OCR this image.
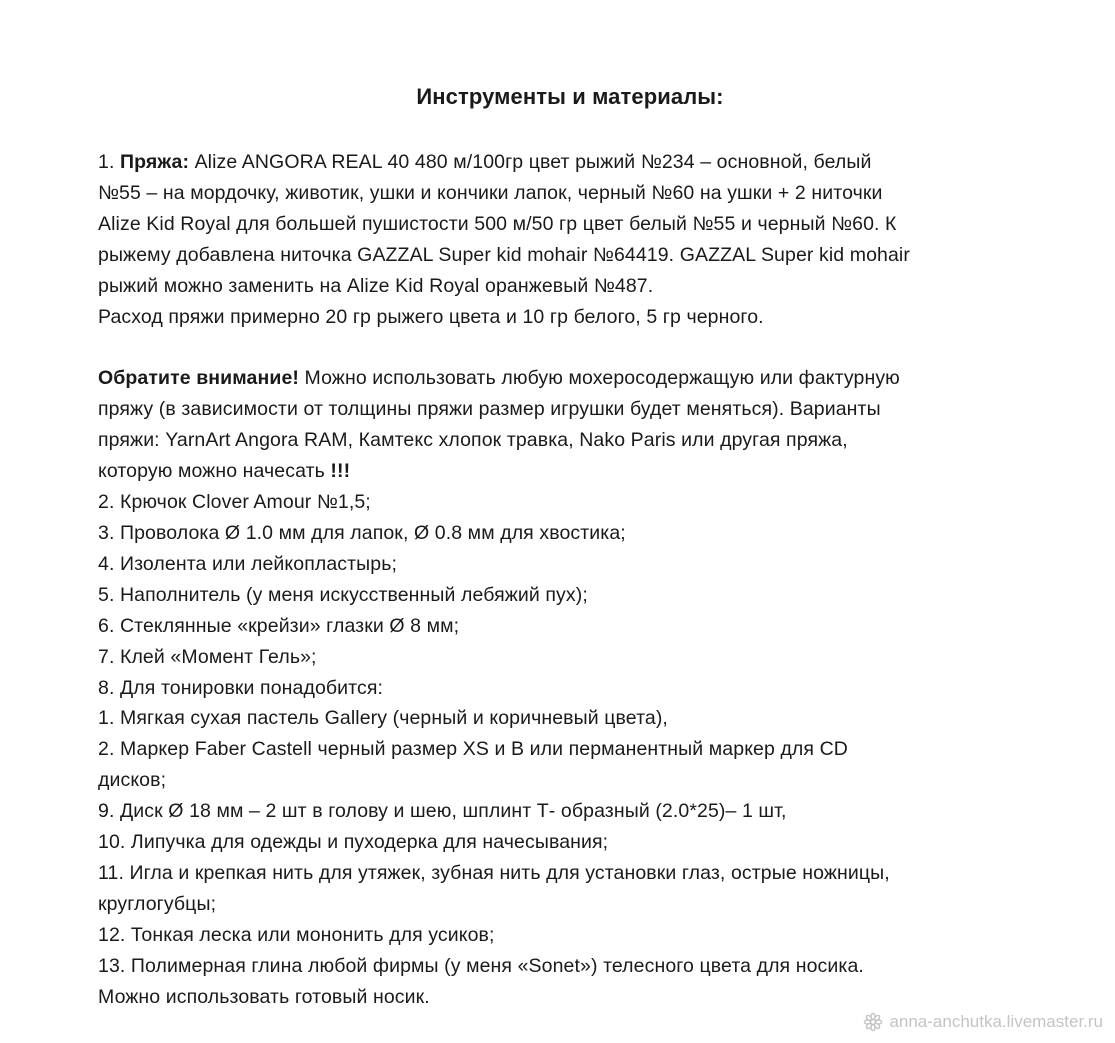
Инструменты и материалы:

1. Пряжа: Alize ANGORA REAL 40 480 м/100гр цвет рыжий №234 – основной, белый

№55 – на мордочку, животик, ушки и кончики лапок, черный №60 на ушки + 2 ниточки

Alize Kid Royal для большей пушистости 500 м/50 гр цвет белый №55 и черный №60. К

рыжему добавлена ниточка GAZZAL Super kid mohair №64419. GAZZAL Super kid mohair

рыжий можно заменить на Alize Kid Royal оранжевый №487.

Расход пряжи примерно 20 гр рыжего цвета и 10 гр белого, 5 гр черного.

Обратите внимание! Можно использовать любую мохеросодержащую или фактурную

пряжу (в зависимости от толщины пряжи размер игрушки будет меняться). Варианты

пряжи: YarnArt Angora RAM, Камтекс хлопок травка, Nako Paris или другая пряжа,

которую можно начесать !!!

2. Крючок Clover Amour №1,5;

3. Проволока Ø 1.0 мм для лапок, Ø 0.8 мм для хвостика;

4. Изолента или лейкопластырь;

5. Наполнитель (у меня искусственный лебяжий пух);

6. Стеклянные «крейзи» глазки Ø 8 мм;

7. Клей «Момент Гель»;

8. Для тонировки понадобится:

1. Мягкая сухая пастель Gallery (черный и коричневый цвета),

2. Маркер Faber Castell черный размер XS и B или перманентный маркер для CD

дисков;

9. Диск Ø 18 мм – 2 шт в голову и шею, шплинт Т- образный (2.0*25)– 1 шт,

10. Липучка для одежды и пуходерка для начесывания;

11. Игла и крепкая нить для утяжек, зубная нить для установки глаз, острые ножницы,

круглогубцы;

12. Тонкая леска или мононить для усиков;

13. Полимерная глина любой фирмы (у меня «Sonet») телесного цвета для носика.

Можно использовать готовый носик.

anna-anchutka.livemaster.ru
